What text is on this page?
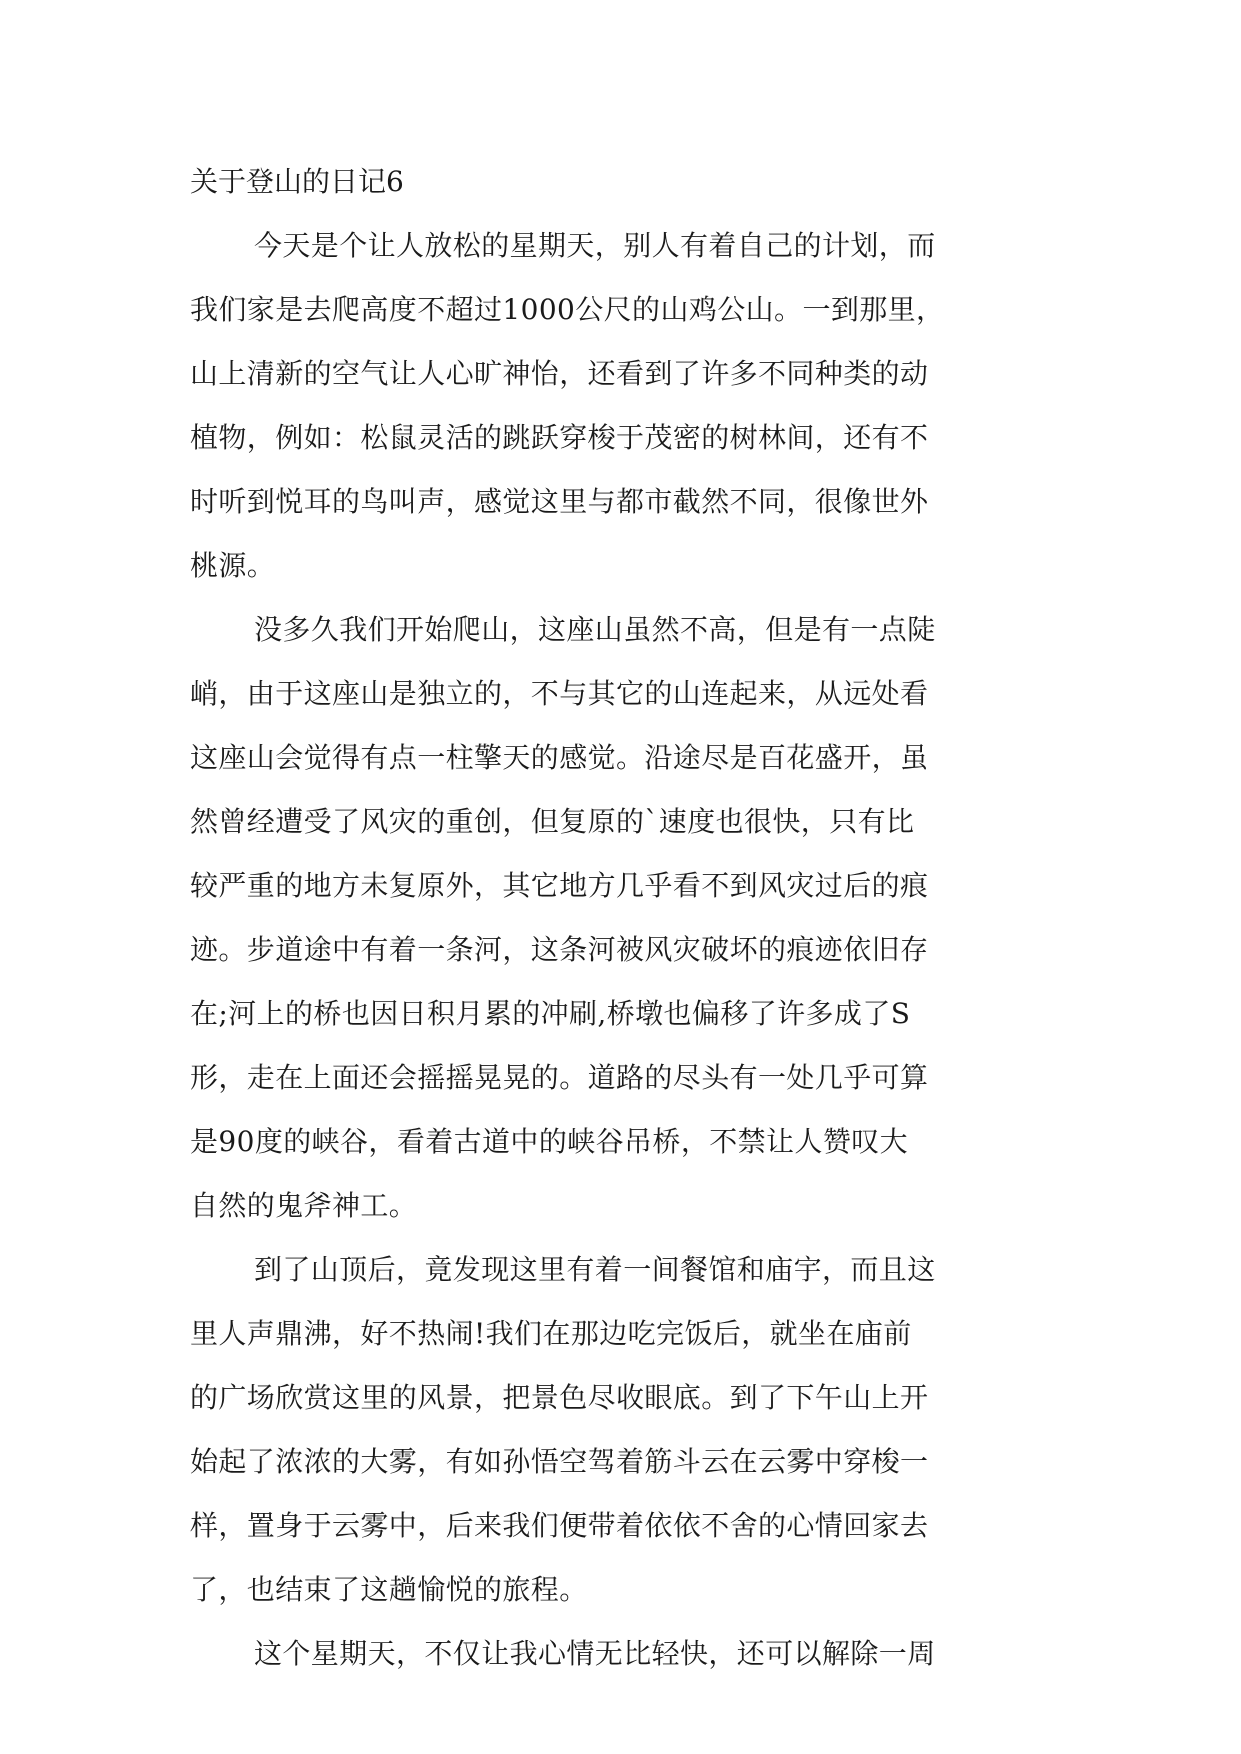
关于登山的日记6
今天是个让人放松的星期天，别人有着自己的计划，而
我们家是去爬高度不超过1000公尺的山鸡公山。一到那里，
山上清新的空气让人心旷神怡，还看到了许多不同种类的动
植物，例如：松鼠灵活的跳跃穿梭于茂密的树林间，还有不
时听到悦耳的鸟叫声，感觉这里与都市截然不同，很像世外
桃源。
没多久我们开始爬山，这座山虽然不高，但是有一点陡
峭，由于这座山是独立的，不与其它的山连起来，从远处看
这座山会觉得有点一柱擎天的感觉。沿途尽是百花盛开，虽
然曾经遭受了风灾的重创，但复原的`速度也很快，只有比
较严重的地方未复原外，其它地方几乎看不到风灾过后的痕
迹。步道途中有着一条河，这条河被风灾破坏的痕迹依旧存
在;河上的桥也因日积月累的冲刷,桥墩也偏移了许多成了S
形，走在上面还会摇摇晃晃的。道路的尽头有一处几乎可算
是90度的峡谷，看着古道中的峡谷吊桥，不禁让人赞叹大
自然的鬼斧神工。
到了山顶后，竟发现这里有着一间餐馆和庙宇，而且这
里人声鼎沸，好不热闹!我们在那边吃完饭后，就坐在庙前
的广场欣赏这里的风景，把景色尽收眼底。到了下午山上开
始起了浓浓的大雾，有如孙悟空驾着筋斗云在云雾中穿梭一
样，置身于云雾中，后来我们便带着依依不舍的心情回家去
了，也结束了这趟愉悦的旅程。
这个星期天，不仅让我心情无比轻快，还可以解除一周
